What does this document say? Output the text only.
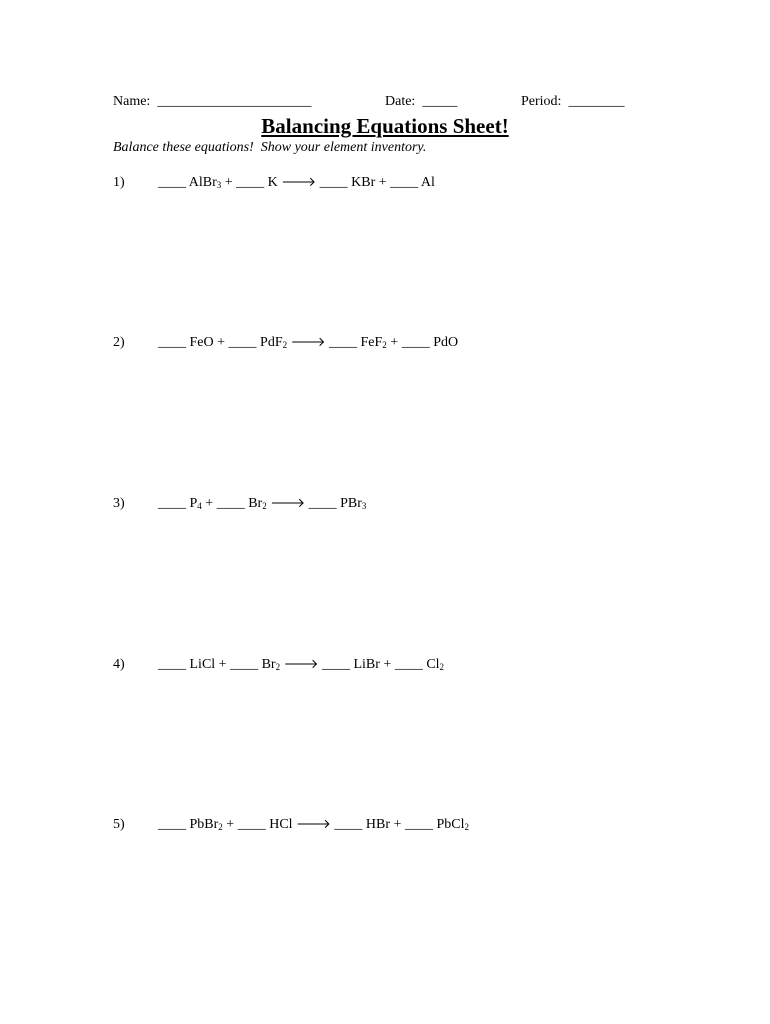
Name:  ______________________	Date:  _____	Period:  ________
Balancing Equations Sheet!
Balance these equations!  Show your element inventory.

1)

____ AlBr$_3$ + ____ K 🡒 ____ KBr + ____ Al

2)

____ FeO + ____ PdF$_2$ 🡒 ____ FeF$_2$ + ____ PdO

3)

____ $P_4$ + ____ $Br_2$ 🡒 ____ PBr$_3$

4)

____ LiCl + ____ $Br_2$ 🡒 ____ LiBr + ____ $Cl_2$

5)

____ PbBr$_2$ + ____ HCl 🡒 ____ HBr + ____ PbCl$_2$
